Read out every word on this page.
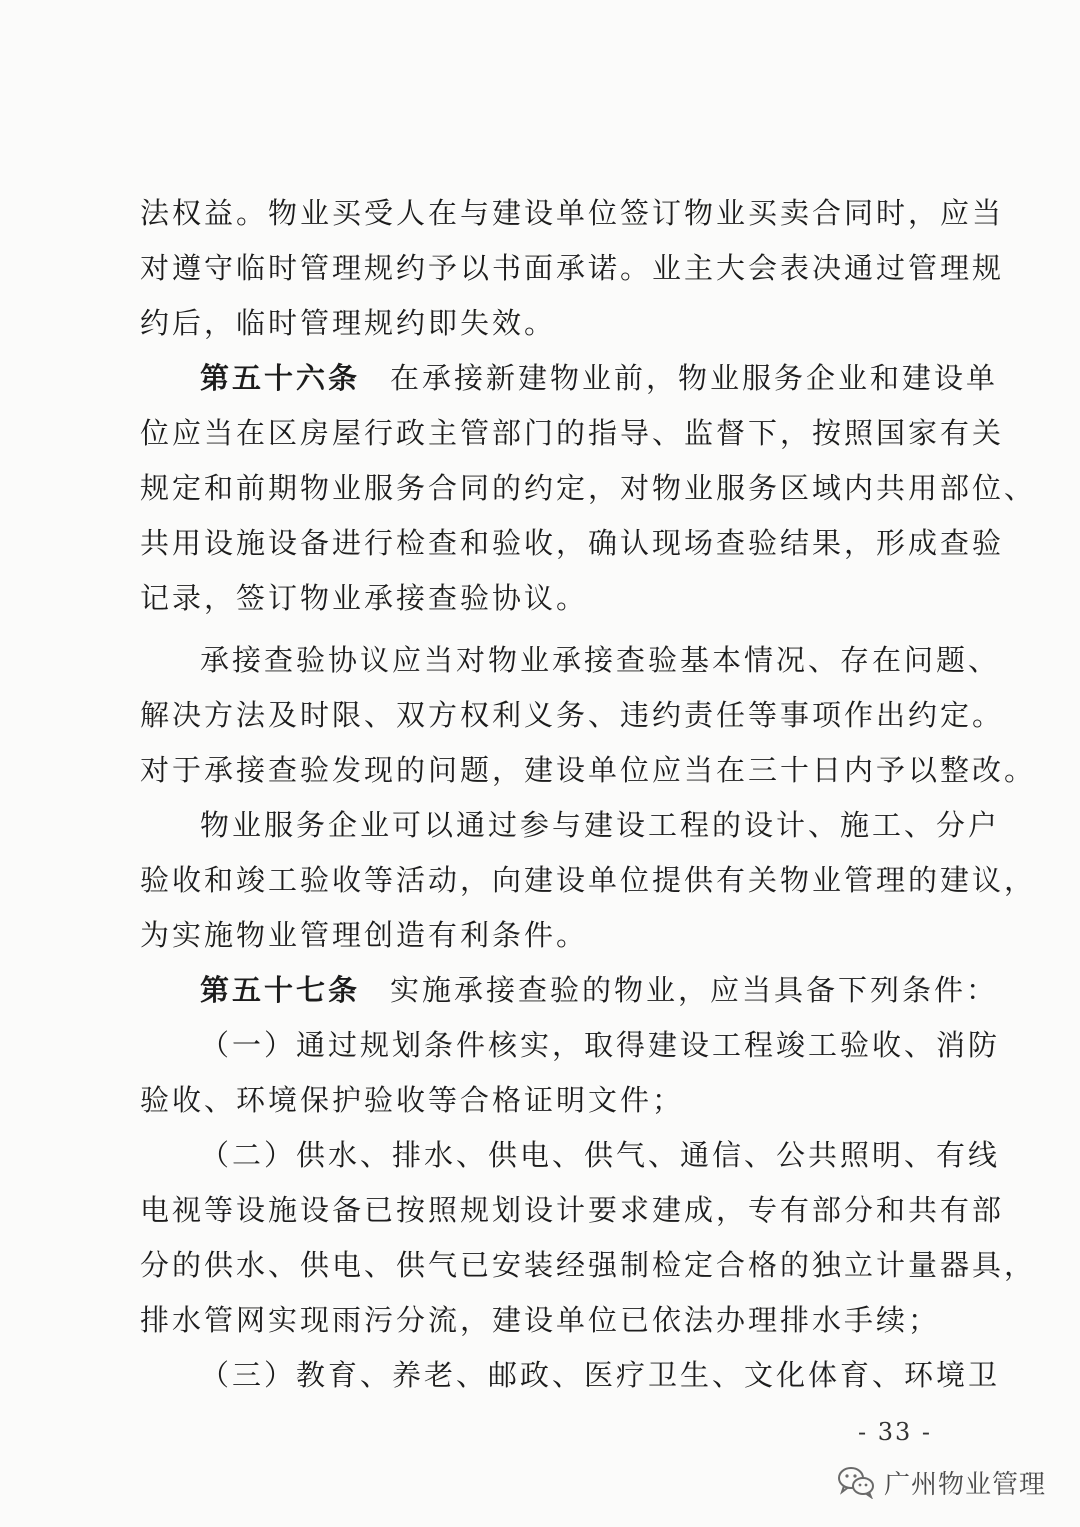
法权益。物业买受人在与建设单位签订物业买卖合同时，应当
对遵守临时管理规约予以书面承诺。业主大会表决通过管理规
约后，临时管理规约即失效。
第五十六条 在承接新建物业前，物业服务企业和建设单
位应当在区房屋行政主管部门的指导、监督下，按照国家有关
规定和前期物业服务合同的约定，对物业服务区域内共用部位、
共用设施设备进行检查和验收，确认现场查验结果，形成查验
记录，签订物业承接查验协议。
承接查验协议应当对物业承接查验基本情况、存在问题、
解决方法及时限、双方权利义务、违约责任等事项作出约定。
对于承接查验发现的问题，建设单位应当在三十日内予以整改。
物业服务企业可以通过参与建设工程的设计、施工、分户
验收和竣工验收等活动，向建设单位提供有关物业管理的建议，
为实施物业管理创造有利条件。
第五十七条 实施承接查验的物业，应当具备下列条件：
（一）通过规划条件核实，取得建设工程竣工验收、消防
验收、环境保护验收等合格证明文件；
（二）供水、排水、供电、供气、通信、公共照明、有线
电视等设施设备已按照规划设计要求建成，专有部分和共有部
分的供水、供电、供气已安装经强制检定合格的独立计量器具，
排水管网实现雨污分流，建设单位已依法办理排水手续；
（三）教育、养老、邮政、医疗卫生、文化体育、环境卫
- 33 -
广州物业管理
